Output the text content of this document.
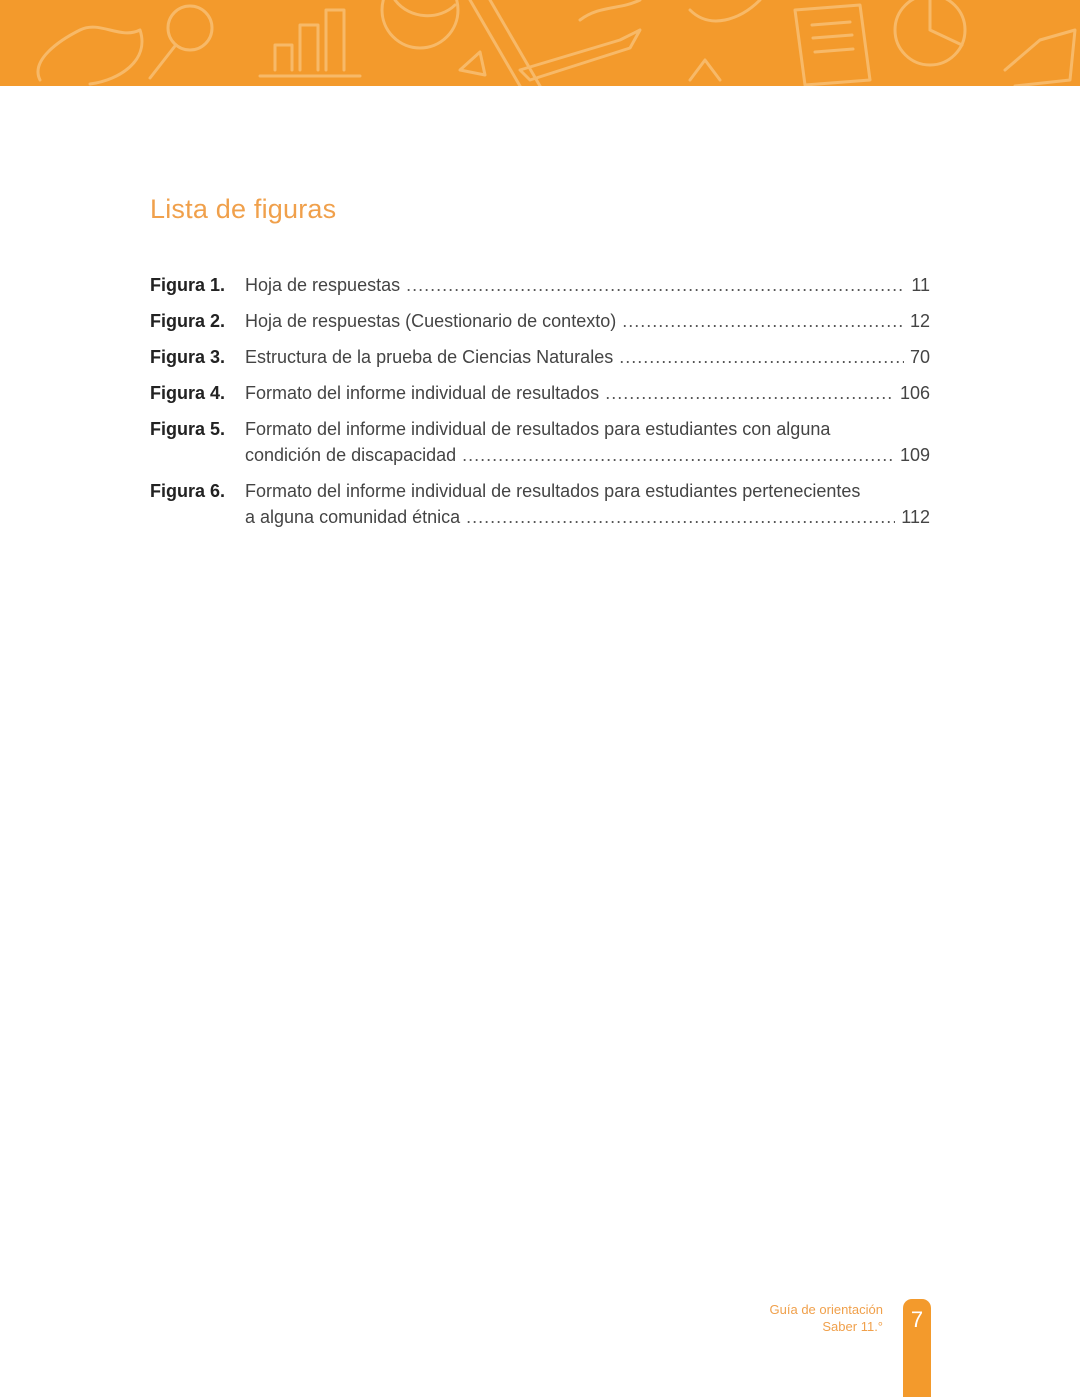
Lista de figuras
Figura 1.	Hoja de respuestas .....	11
Figura 2.	Hoja de respuestas (Cuestionario de contexto) .....	12
Figura 3.	Estructura de la prueba de Ciencias Naturales .....	70
Figura 4.	Formato del informe individual de resultados .....	106
Figura 5.	Formato del informe individual de resultados para estudiantes con alguna
condición de discapacidad .....	109
Figura 6.	Formato del informe individual de resultados para estudiantes pertenecientes
a alguna comunidad étnica .....	112
Guía de orientación
Saber 11.°	7
